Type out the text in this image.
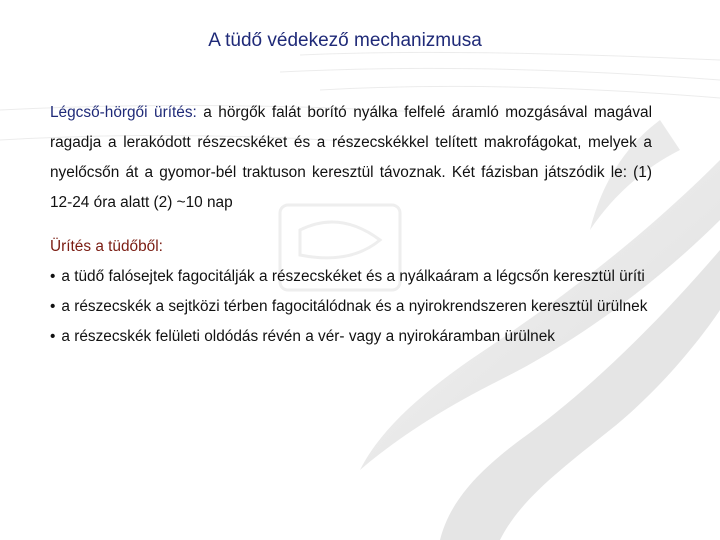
A tüdő védekező mechanizmusa

Légcső-hörgői ürítés: a hörgők falát borító nyálka felfelé áramló mozgásával magával ragadja a lerakódott részecskéket és a részecskékkel telített makrofágokat, melyek a nyelőcsőn át a gyomor-bél traktuson keresztül távoznak. Két fázisban játszódik le: (1) 12-24 óra alatt (2) ~10 nap

Ürítés a tüdőből:

• a tüdő falósejtek fagocitálják a részecskéket és a nyálkaáram a légcsőn keresztül üríti

• a részecskék a sejtközi térben fagocitálódnak és a nyirokrendszeren keresztül ürülnek

• a részecskék felületi oldódás révén a vér- vagy a nyirokáramban ürülnek
